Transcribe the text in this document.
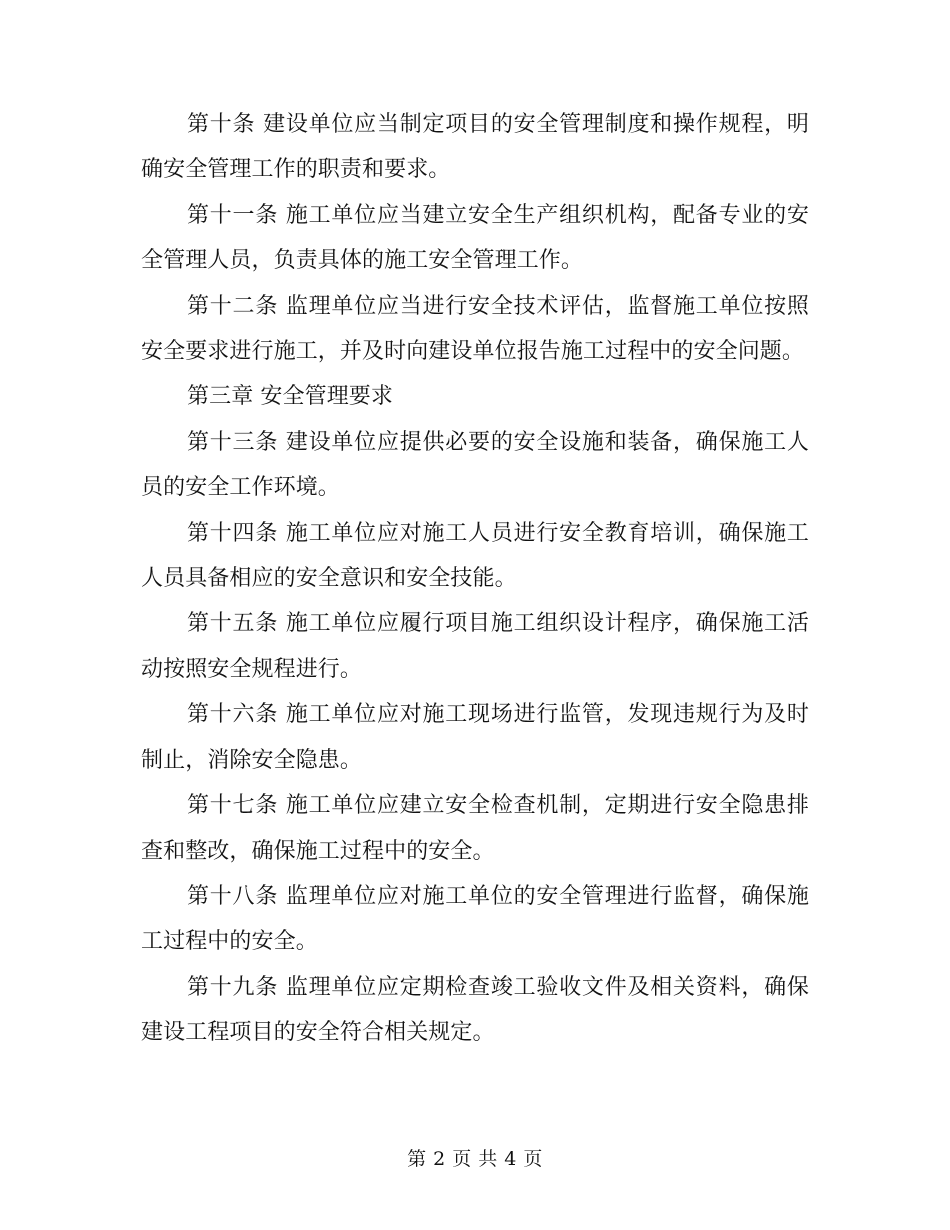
第十条 建设单位应当制定项目的安全管理制度和操作规程，明确安全管理工作的职责和要求。

第十一条 施工单位应当建立安全生产组织机构，配备专业的安全管理人员，负责具体的施工安全管理工作。

第十二条 监理单位应当进行安全技术评估，监督施工单位按照安全要求进行施工，并及时向建设单位报告施工过程中的安全问题。

第三章 安全管理要求

第十三条 建设单位应提供必要的安全设施和装备，确保施工人员的安全工作环境。

第十四条 施工单位应对施工人员进行安全教育培训，确保施工人员具备相应的安全意识和安全技能。

第十五条 施工单位应履行项目施工组织设计程序，确保施工活动按照安全规程进行。

第十六条 施工单位应对施工现场进行监管，发现违规行为及时制止，消除安全隐患。

第十七条 施工单位应建立安全检查机制，定期进行安全隐患排查和整改，确保施工过程中的安全。

第十八条 监理单位应对施工单位的安全管理进行监督，确保施工过程中的安全。

第十九条 监理单位应定期检查竣工验收文件及相关资料，确保建设工程项目的安全符合相关规定。

第 2 页 共 4 页
